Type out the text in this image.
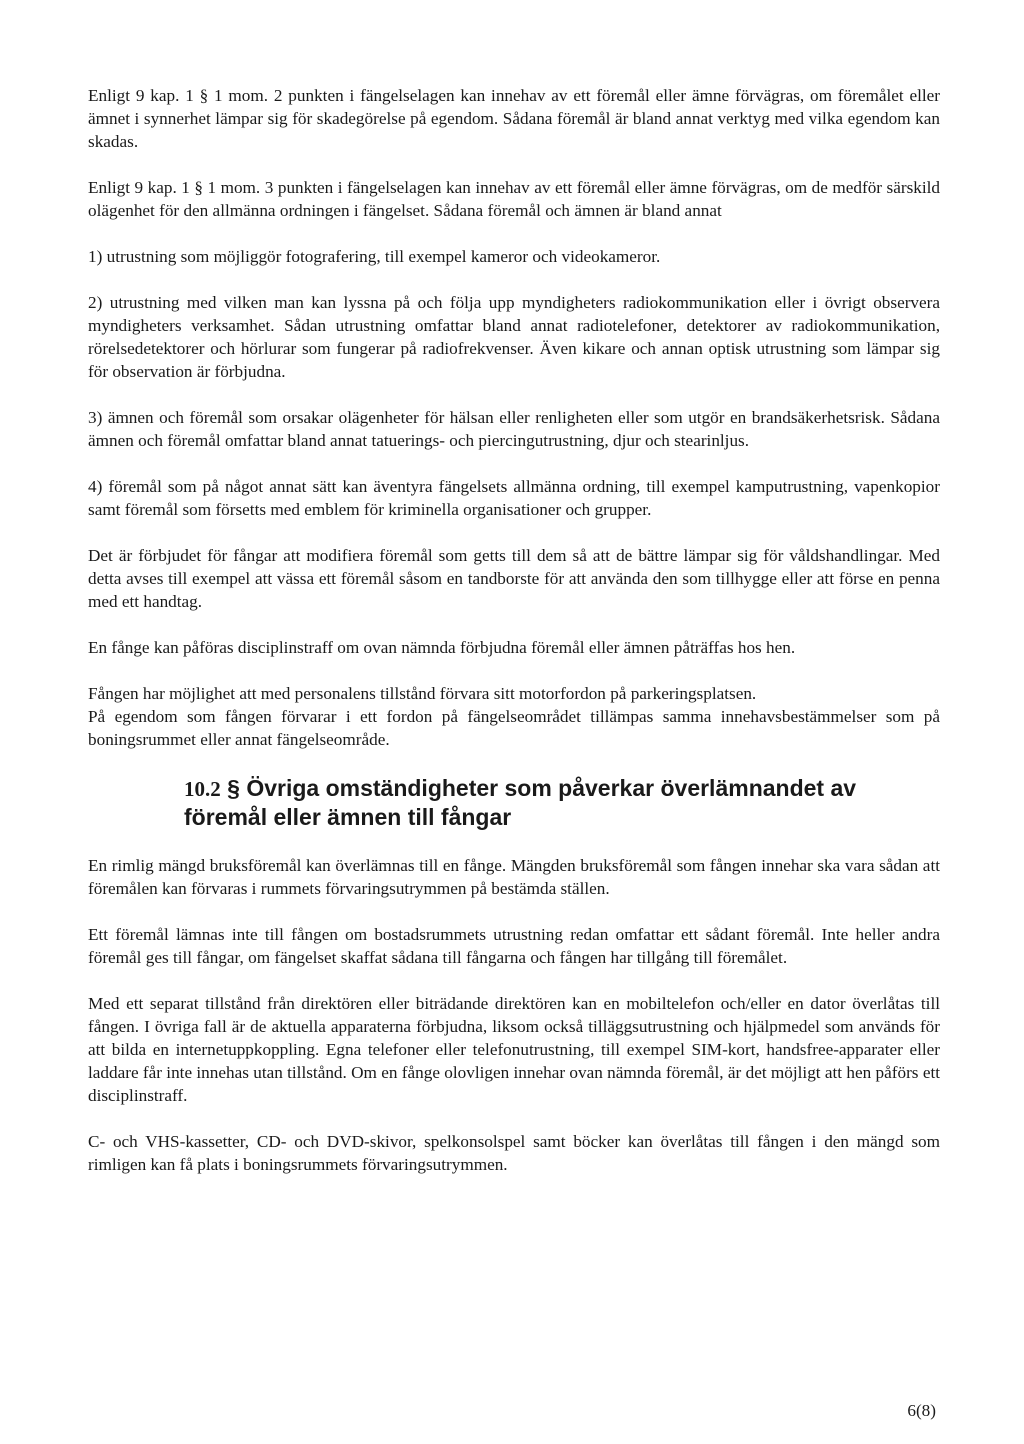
Enligt 9 kap. 1 § 1 mom. 2 punkten i fängelselagen kan innehav av ett föremål eller ämne förvägras, om föremålet eller ämnet i synnerhet lämpar sig för skadegörelse på egendom. Sådana föremål är bland annat verktyg med vilka egendom kan skadas.

Enligt 9 kap. 1 § 1 mom. 3 punkten i fängelselagen kan innehav av ett föremål eller ämne förvägras, om de medför särskild olägenhet för den allmänna ordningen i fängelset. Sådana föremål och ämnen är bland annat

1) utrustning som möjliggör fotografering, till exempel kameror och videokameror.

2) utrustning med vilken man kan lyssna på och följa upp myndigheters radiokommunikation eller i övrigt observera myndigheters verksamhet. Sådan utrustning omfattar bland annat radiotelefoner, detektorer av radiokommunikation, rörelsedetektorer och hörlurar som fungerar på radiofrekvenser. Även kikare och annan optisk utrustning som lämpar sig för observation är förbjudna.

3) ämnen och föremål som orsakar olägenheter för hälsan eller renligheten eller som utgör en brandsäkerhetsrisk. Sådana ämnen och föremål omfattar bland annat tatuerings- och piercingutrustning, djur och stearinljus.

4) föremål som på något annat sätt kan äventyra fängelsets allmänna ordning, till exempel kamputrustning, vapenkopior samt föremål som försetts med emblem för kriminella organisationer och grupper.

Det är förbjudet för fångar att modifiera föremål som getts till dem så att de bättre lämpar sig för våldshandlingar. Med detta avses till exempel att vässa ett föremål såsom en tandborste för att använda den som tillhygge eller att förse en penna med ett handtag.

En fånge kan påföras disciplinstraff om ovan nämnda förbjudna föremål eller ämnen påträffas hos hen.

Fången har möjlighet att med personalens tillstånd förvara sitt motorfordon på parkeringsplatsen.

På egendom som fången förvarar i ett fordon på fängelseområdet tillämpas samma innehavsbestämmelser som på boningsrummet eller annat fängelseområde.

10.2 § Övriga omständigheter som påverkar överlämnandet av föremål eller ämnen till fångar

En rimlig mängd bruksföremål kan överlämnas till en fånge. Mängden bruksföremål som fången innehar ska vara sådan att föremålen kan förvaras i rummets förvaringsutrymmen på bestämda ställen.

Ett föremål lämnas inte till fången om bostadsrummets utrustning redan omfattar ett sådant föremål. Inte heller andra föremål ges till fångar, om fängelset skaffat sådana till fångarna och fången har tillgång till föremålet.

Med ett separat tillstånd från direktören eller biträdande direktören kan en mobiltelefon och/eller en dator överlåtas till fången. I övriga fall är de aktuella apparaterna förbjudna, liksom också tilläggsutrustning och hjälpmedel som används för att bilda en internetuppkoppling. Egna telefoner eller telefonutrustning, till exempel SIM-kort, handsfree-apparater eller laddare får inte innehas utan tillstånd. Om en fånge olovligen innehar ovan nämnda föremål, är det möjligt att hen påförs ett disciplinstraff.

C- och VHS-kassetter, CD- och DVD-skivor, spelkonsolspel samt böcker kan överlåtas till fången i den mängd som rimligen kan få plats i boningsrummets förvaringsutrymmen.

6(8)
